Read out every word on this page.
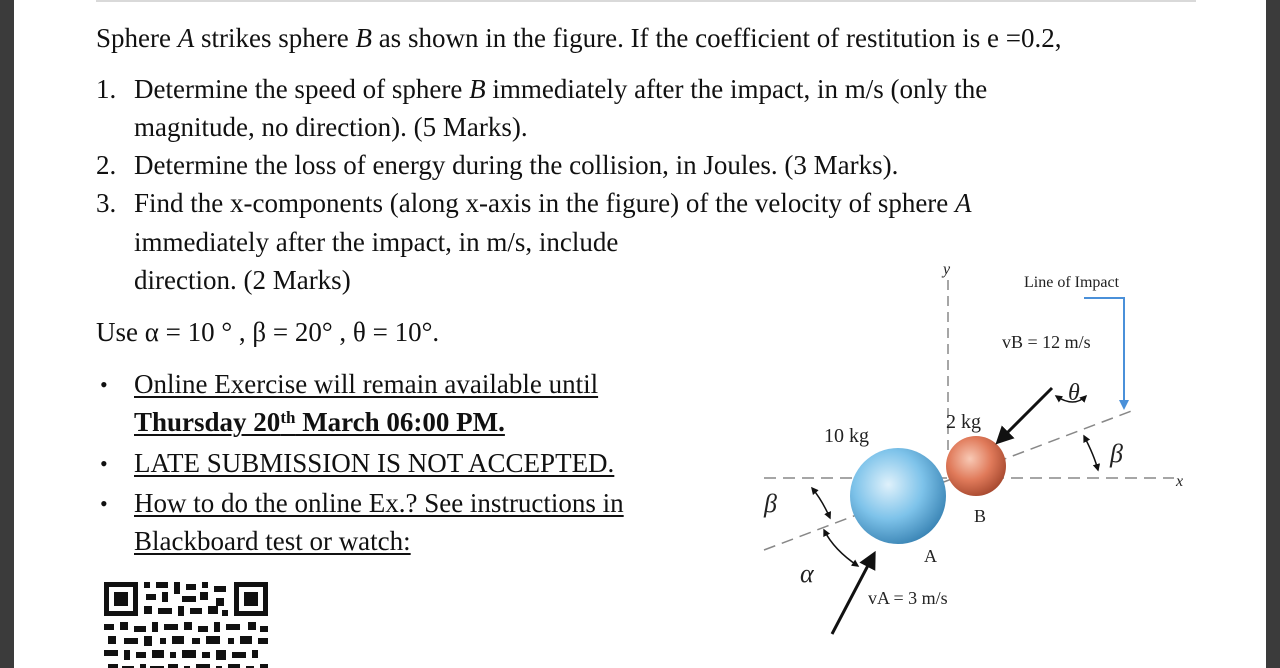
Sphere A strikes sphere B as shown in the figure. If the coefficient of restitution is e =0.2,
1. Determine the speed of sphere B immediately after the impact, in m/s (only the
magnitude, no direction). (5 Marks).
2. Determine the loss of energy during the collision, in Joules. (3 Marks).
3. Find the x-components (along x-axis in the figure) of the velocity of sphere A
immediately after the impact, in m/s, include
direction. (2 Marks)
Use α = 10 ° , β = 20° , θ = 10°.
• Online Exercise will remain available until
Thursday 20th March 06:00 PM.
• LATE SUBMISSION IS NOT ACCEPTED.
• How to do the online Ex.? See instructions in
Blackboard test or watch:
y
x
Line of Impact
A
10 kg
B
2 kg
vB = 12 m/s
θ
β
β
vA = 3 m/s
α
